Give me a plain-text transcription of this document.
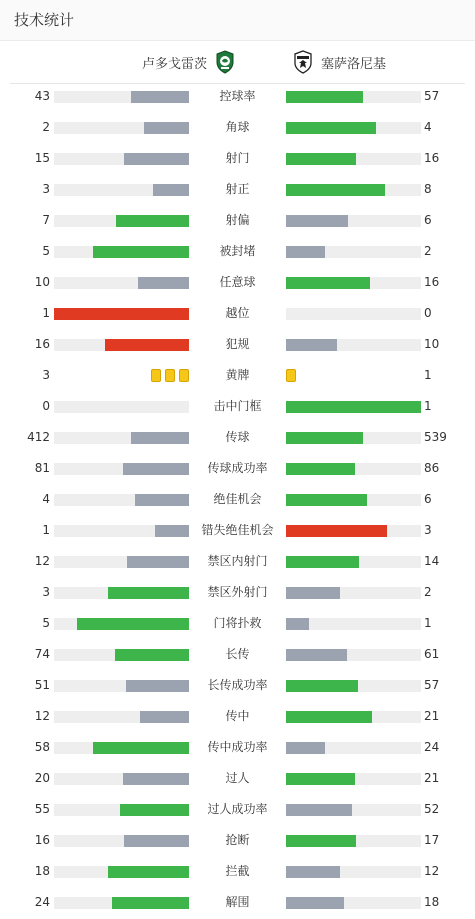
技术统计
卢多戈雷茨	塞萨洛尼基
43	控球率	57
2	角球	4
15	射门	16
3	射正	8
7	射偏	6
5	被封堵	2
10	任意球	16
1	越位	0
16	犯规	10
3	黄牌	1
0	击中门框	1
412	传球	539
81	传球成功率	86
4	绝佳机会	6
1	错失绝佳机会	3
12	禁区内射门	14
3	禁区外射门	2
5	门将扑救	1
74	长传	61
51	长传成功率	57
12	传中	21
58	传中成功率	24
20	过人	21
55	过人成功率	52
16	抢断	17
18	拦截	12
24	解围	18
